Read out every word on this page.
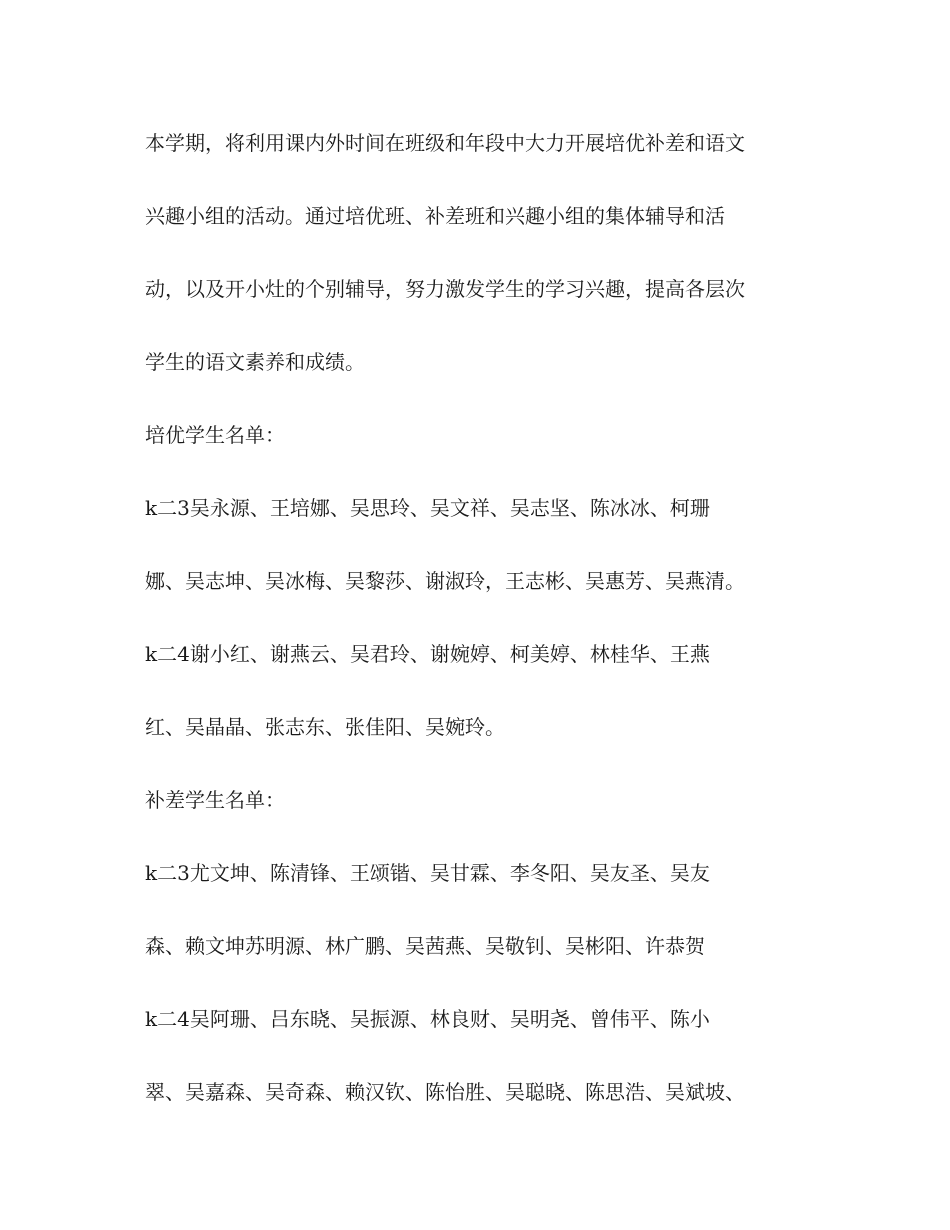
本学期，将利用课内外时间在班级和年段中大力开展培优补差和语文
兴趣小组的活动。通过培优班、补差班和兴趣小组的集体辅导和活
动，以及开小灶的个别辅导，努力激发学生的学习兴趣，提高各层次
学生的语文素养和成绩。
培优学生名单：
k二3吴永源、王培娜、吴思玲、吴文祥、吴志坚、陈冰冰、柯珊
娜、吴志坤、吴冰梅、吴黎莎、谢淑玲，王志彬、吴惠芳、吴燕清。
k二4谢小红、谢燕云、吴君玲、谢婉婷、柯美婷、林桂华、王燕
红、吴晶晶、张志东、张佳阳、吴婉玲。
补差学生名单：
k二3尤文坤、陈清锋、王颂锴、吴甘霖、李冬阳、吴友圣、吴友
森、赖文坤苏明源、林广鹏、吴茜燕、吴敬钊、吴彬阳、许恭贺
k二4吴阿珊、吕东晓、吴振源、林良财、吴明尧、曾伟平、陈小
翠、吴嘉森、吴奇森、赖汉钦、陈怡胜、吴聪晓、陈思浩、吴斌坡、
